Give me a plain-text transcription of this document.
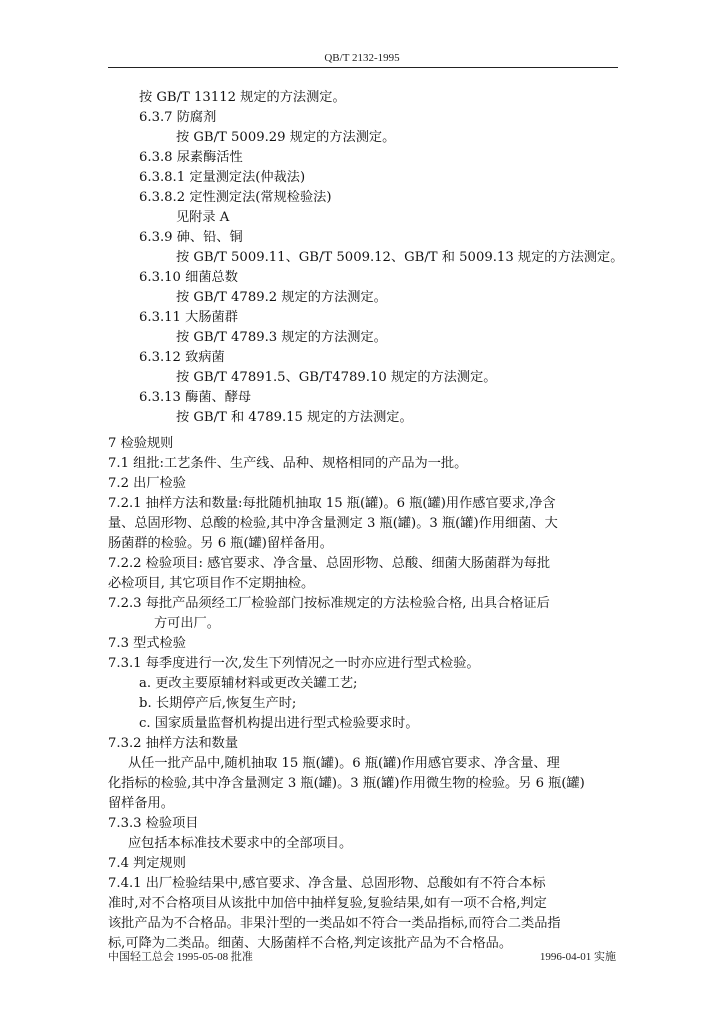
QB/T 2132-1995
按 GB/T 13112 规定的方法测定。
6.3.7 防腐剂
按 GB/T 5009.29 规定的方法测定。
6.3.8 尿素酶活性
6.3.8.1 定量测定法(仲裁法)
6.3.8.2 定性测定法(常规检验法)
见附录 A
6.3.9 砷、铅、铜
按 GB/T 5009.11、GB/T 5009.12、GB/T 和 5009.13 规定的方法测定。
6.3.10 细菌总数
按 GB/T 4789.2 规定的方法测定。
6.3.11 大肠菌群
按 GB/T 4789.3 规定的方法测定。
6.3.12 致病菌
按 GB/T 47891.5、GB/T4789.10 规定的方法测定。
6.3.13 酶菌、酵母
按 GB/T 和 4789.15 规定的方法测定。
7 检验规则
7.1 组批:工艺条件、生产线、品种、规格相同的产品为一批。
7.2 出厂检验
7.2.1 抽样方法和数量:每批随机抽取 15 瓶(罐)。6 瓶(罐)用作感官要求,净含
量、总固形物、总酸的检验,其中净含量测定 3 瓶(罐)。3 瓶(罐)作用细菌、大
肠菌群的检验。另 6 瓶(罐)留样备用。
7.2.2 检验项目: 感官要求、净含量、总固形物、总酸、细菌大肠菌群为每批
必检项目, 其它项目作不定期抽检。
7.2.3 每批产品须经工厂检验部门按标准规定的方法检验合格, 出具合格证后
方可出厂。
7.3 型式检验
7.3.1 每季度进行一次,发生下列情况之一时亦应进行型式检验。
a. 更改主要原辅材料或更改关罐工艺;
b. 长期停产后,恢复生产时;
c. 国家质量监督机构提出进行型式检验要求时。
7.3.2 抽样方法和数量
从任一批产品中,随机抽取 15 瓶(罐)。6 瓶(罐)作用感官要求、净含量、理
化指标的检验,其中净含量测定 3 瓶(罐)。3 瓶(罐)作用微生物的检验。另 6 瓶(罐)
留样备用。
7.3.3 检验项目
应包括本标准技术要求中的全部项目。
7.4 判定规则
7.4.1 出厂检验结果中,感官要求、净含量、总固形物、总酸如有不符合本标
准时,对不合格项目从该批中加倍中抽样复验,复验结果,如有一项不合格,判定
该批产品为不合格品。非果汁型的一类品如不符合一类品指标,而符合二类品指
标,可降为二类品。细菌、大肠菌样不合格,判定该批产品为不合格品。
中国轻工总会 1995-05-08 批准	1996-04-01 实施
